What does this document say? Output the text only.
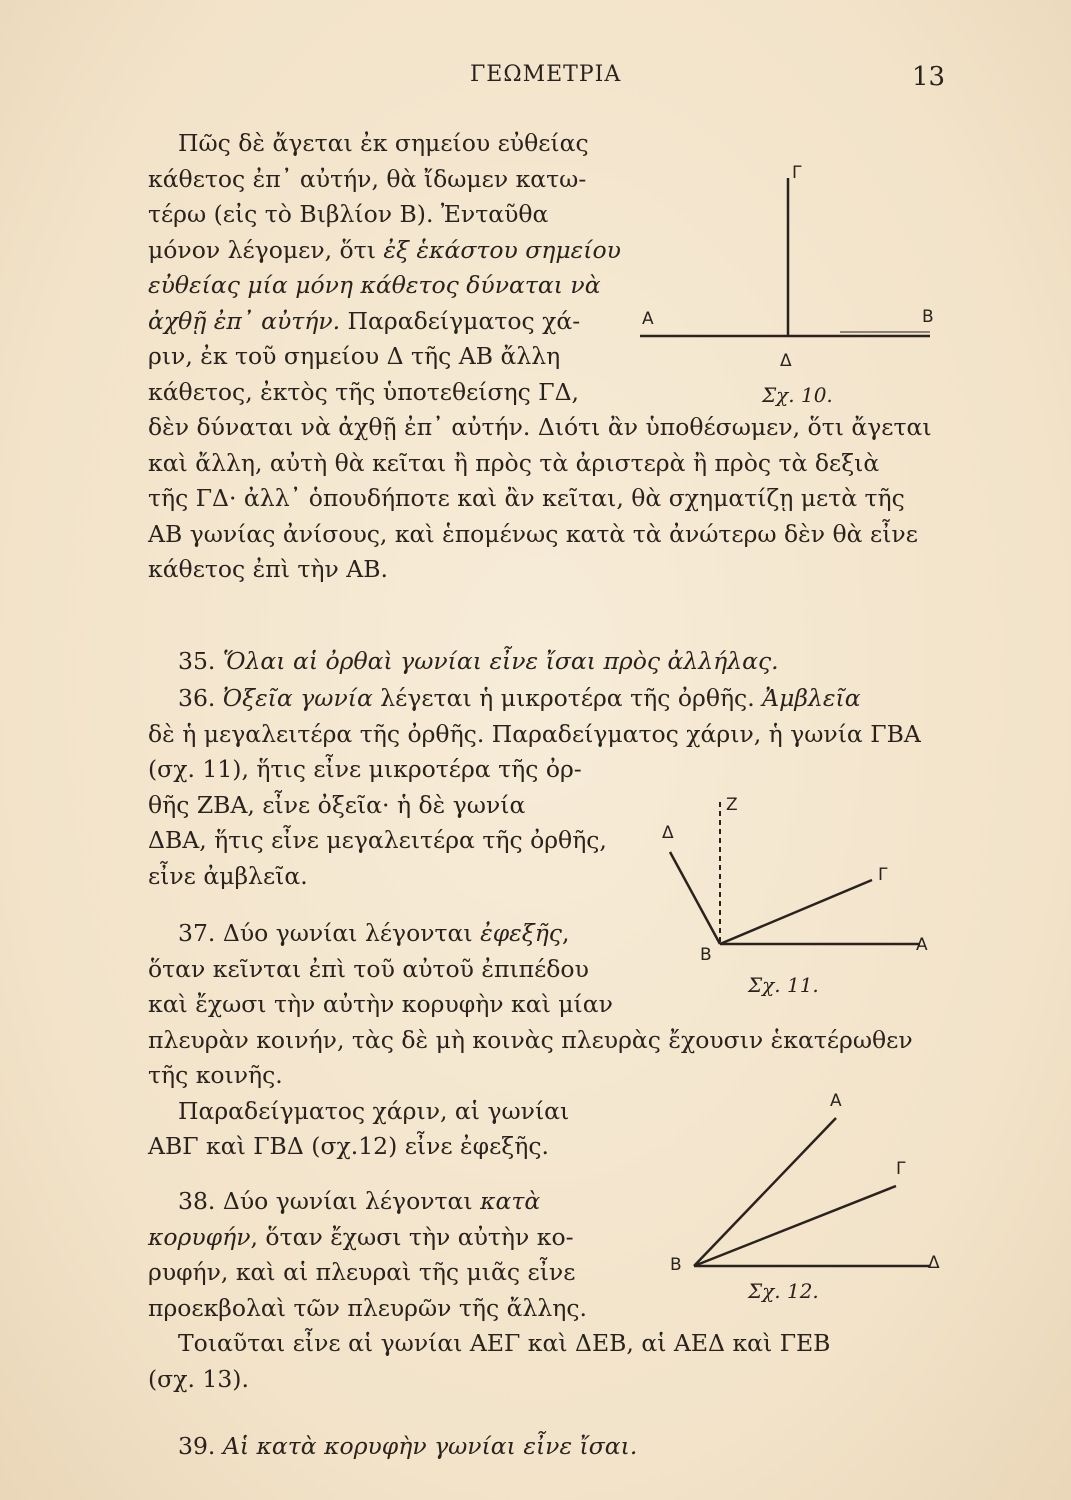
ΓΕΩΜΕΤΡΙΑ	13
Πῶς δὲ ἄγεται ἐκ σημείου εὐθείας
κάθετος ἐπ᾽ αὐτήν, θὰ ἴδωμεν κατω-
τέρω (εἰς τὸ Βιβλίον Β). Ἐνταῦθα
μόνον λέγομεν, ὅτι ἐξ ἑκάστου σημείου
εὐθείας μία μόνη κάθετος δύναται νὰ
ἀχθῇ ἐπ᾽ αὐτήν. Παραδείγματος χά-
ριν, ἐκ τοῦ σημείου Δ τῆς ΑΒ ἄλλη
κάθετος, ἐκτὸς τῆς ὑποτεθείσης ΓΔ,
δὲν δύναται νὰ ἀχθῇ ἐπ᾽ αὐτήν. Διότι ἂν ὑποθέσωμεν, ὅτι ἄγεται
καὶ ἄλλη, αὐτὴ θὰ κεῖται ἢ πρὸς τὰ ἀριστερὰ ἢ πρὸς τὰ δεξιὰ
τῆς ΓΔ· ἀλλ᾽ ὁπουδήποτε καὶ ἂν κεῖται, θὰ σχηματίζῃ μετὰ τῆς
ΑΒ γωνίας ἀνίσους, καὶ ἑπομένως κατὰ τὰ ἀνώτερω δὲν θὰ εἶνε
κάθετος ἐπὶ τὴν ΑΒ.
35. Ὅλαι αἱ ὀρθαὶ γωνίαι εἶνε ἴσαι πρὸς ἀλλήλας.
36. Ὀξεῖα γωνία λέγεται ἡ μικροτέρα τῆς ὀρθῆς. Ἀμβλεῖα
δὲ ἡ μεγαλειτέρα τῆς ὀρθῆς. Παραδείγματος χάριν, ἡ γωνία ΓΒΑ
(σχ. 11), ἥτις εἶνε μικροτέρα τῆς ὀρ-
θῆς ΖΒΑ, εἶνε ὀξεῖα· ἡ δὲ γωνία
ΔΒΑ, ἥτις εἶνε μεγαλειτέρα τῆς ὀρθῆς,
εἶνε ἀμβλεῖα.
37. Δύο γωνίαι λέγονται ἐφεξῆς,
ὅταν κεῖνται ἐπὶ τοῦ αὐτοῦ ἐπιπέδου
καὶ ἔχωσι τὴν αὐτὴν κορυφὴν καὶ μίαν
πλευρὰν κοινήν, τὰς δὲ μὴ κοινὰς πλευρὰς ἔχουσιν ἑκατέρωθεν
τῆς κοινῆς.
Παραδείγματος χάριν, αἱ γωνίαι
ΑΒΓ καὶ ΓΒΔ (σχ.12) εἶνε ἐφεξῆς.
38. Δύο γωνίαι λέγονται κατὰ
κορυφήν, ὅταν ἔχωσι τὴν αὐτὴν κο-
ρυφήν, καὶ αἱ πλευραὶ τῆς μιᾶς εἶνε
προεκβολαὶ τῶν πλευρῶν τῆς ἄλλης.
Τοιαῦται εἶνε αἱ γωνίαι ΑΕΓ καὶ ΔΕΒ, αἱ ΑΕΔ καὶ ΓΕΒ
(σχ. 13).
39. Αἱ κατὰ κορυφὴν γωνίαι εἶνε ἴσαι.
Γ
Α	Β
Δ
Σχ. 10.
Ζ
Δ
Γ
Α
Β
Σχ. 11.
Α
Γ
Β	Δ
Σχ. 12.
